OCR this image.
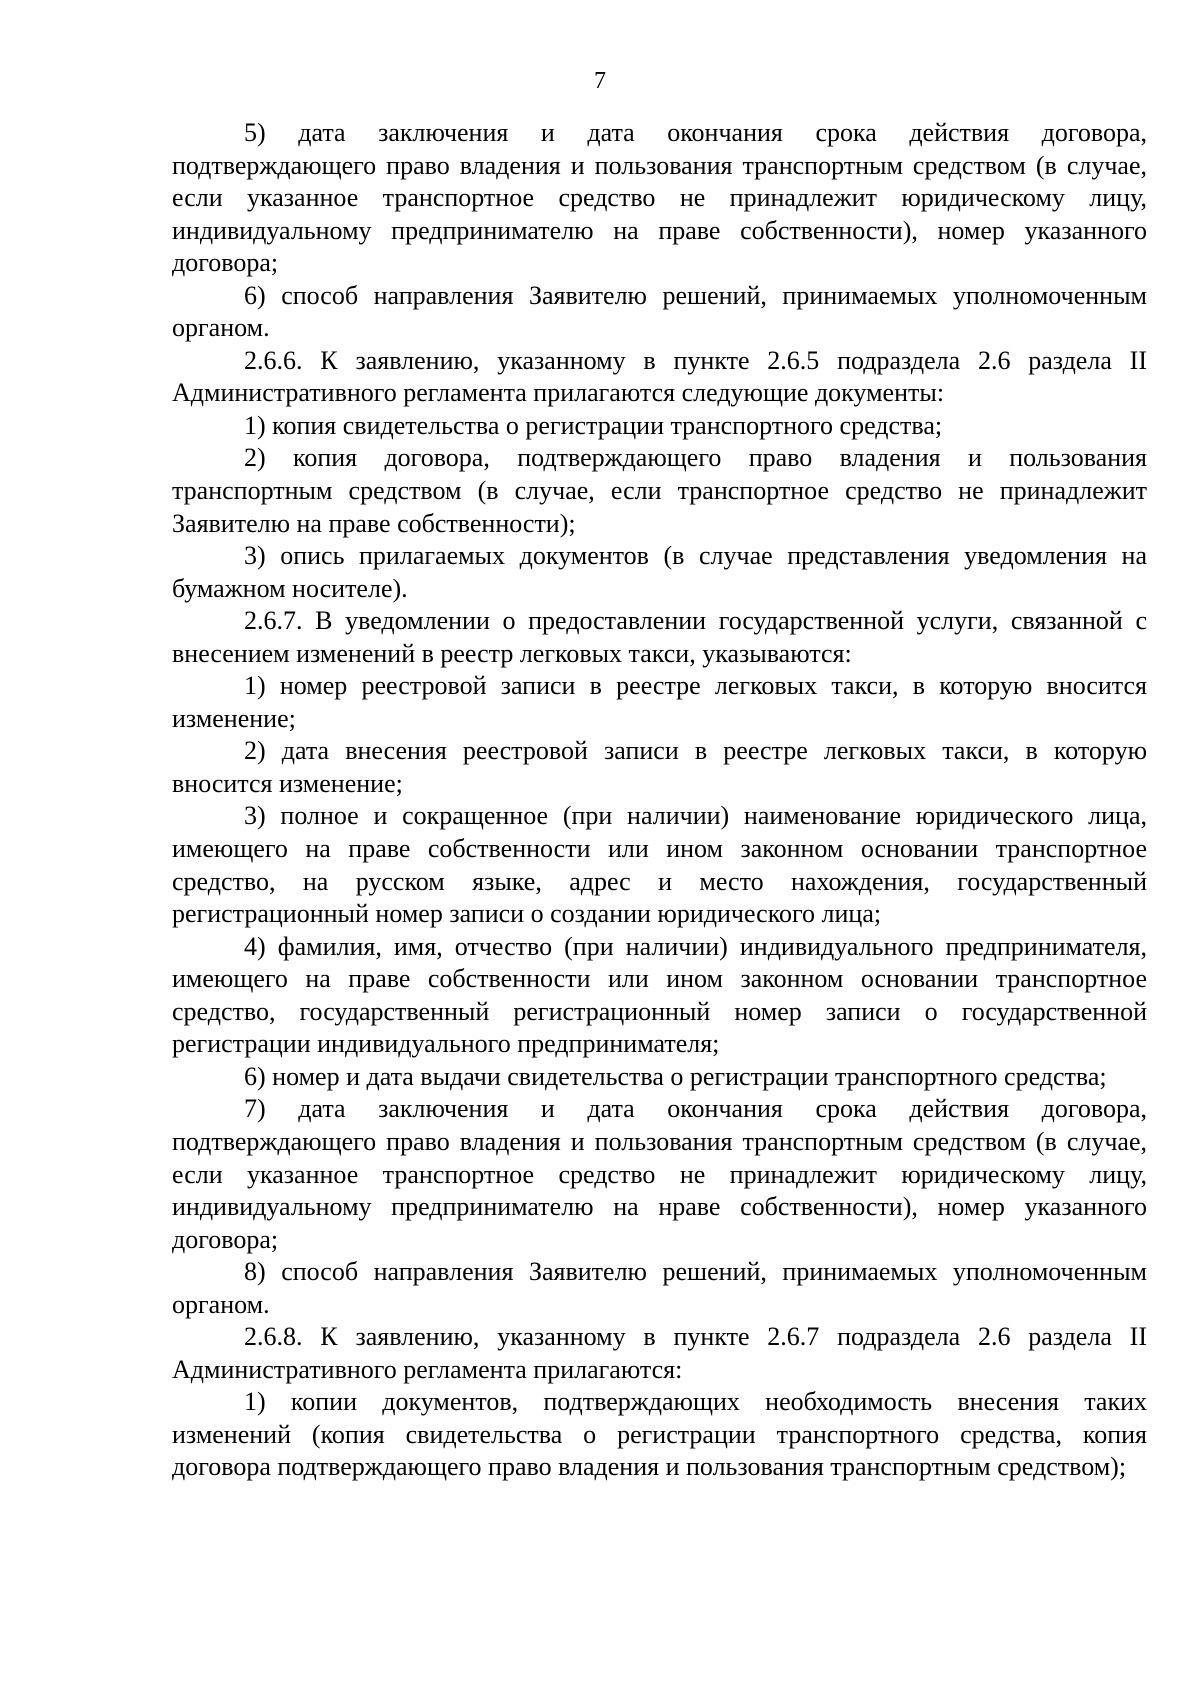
7

5) дата заключения и дата окончания срока действия договора, подтверждающего право владения и пользования транспортным средством (в случае, если указанное транспортное средство не принадлежит юридическому лицу, индивидуальному предпринимателю на праве собственности), номер указанного договора;

6) способ направления Заявителю решений, принимаемых уполномоченным органом.

2.6.6. К заявлению, указанному в пункте 2.6.5 подраздела 2.6 раздела II Административного регламента прилагаются следующие документы:

1) копия свидетельства о регистрации транспортного средства;

2) копия договора, подтверждающего право владения и пользования транспортным средством (в случае, если транспортное средство не принадлежит Заявителю на праве собственности);

3) опись прилагаемых документов (в случае представления уведомления на бумажном носителе).

2.6.7. В уведомлении о предоставлении государственной услуги, связанной с внесением изменений в реестр легковых такси, указываются:

1) номер реестровой записи в реестре легковых такси, в которую вносится изменение;

2) дата внесения реестровой записи в реестре легковых такси, в которую вносится изменение;

3) полное и сокращенное (при наличии) наименование юридического лица, имеющего на праве собственности или ином законном основании транспортное средство, на русском языке, адрес и место нахождения, государственный регистрационный номер записи о создании юридического лица;

4) фамилия, имя, отчество (при наличии) индивидуального предпринимателя, имеющего на праве собственности или ином законном основании транспортное средство, государственный регистрационный номер записи о государственной регистрации индивидуального предпринимателя;

6) номер и дата выдачи свидетельства о регистрации транспортного средства;

7) дата заключения и дата окончания срока действия договора, подтверждающего право владения и пользования транспортным средством (в случае, если указанное транспортное средство не принадлежит юридическому лицу, индивидуальному предпринимателю на нраве собственности), номер указанного договора;

8) способ направления Заявителю решений, принимаемых уполномоченным органом.

2.6.8. К заявлению, указанному в пункте 2.6.7 подраздела 2.6 раздела II Административного регламента прилагаются:

1) копии документов, подтверждающих необходимость внесения таких изменений (копия свидетельства о регистрации транспортного средства, копия договора подтверждающего право владения и пользования транспортным средством);
